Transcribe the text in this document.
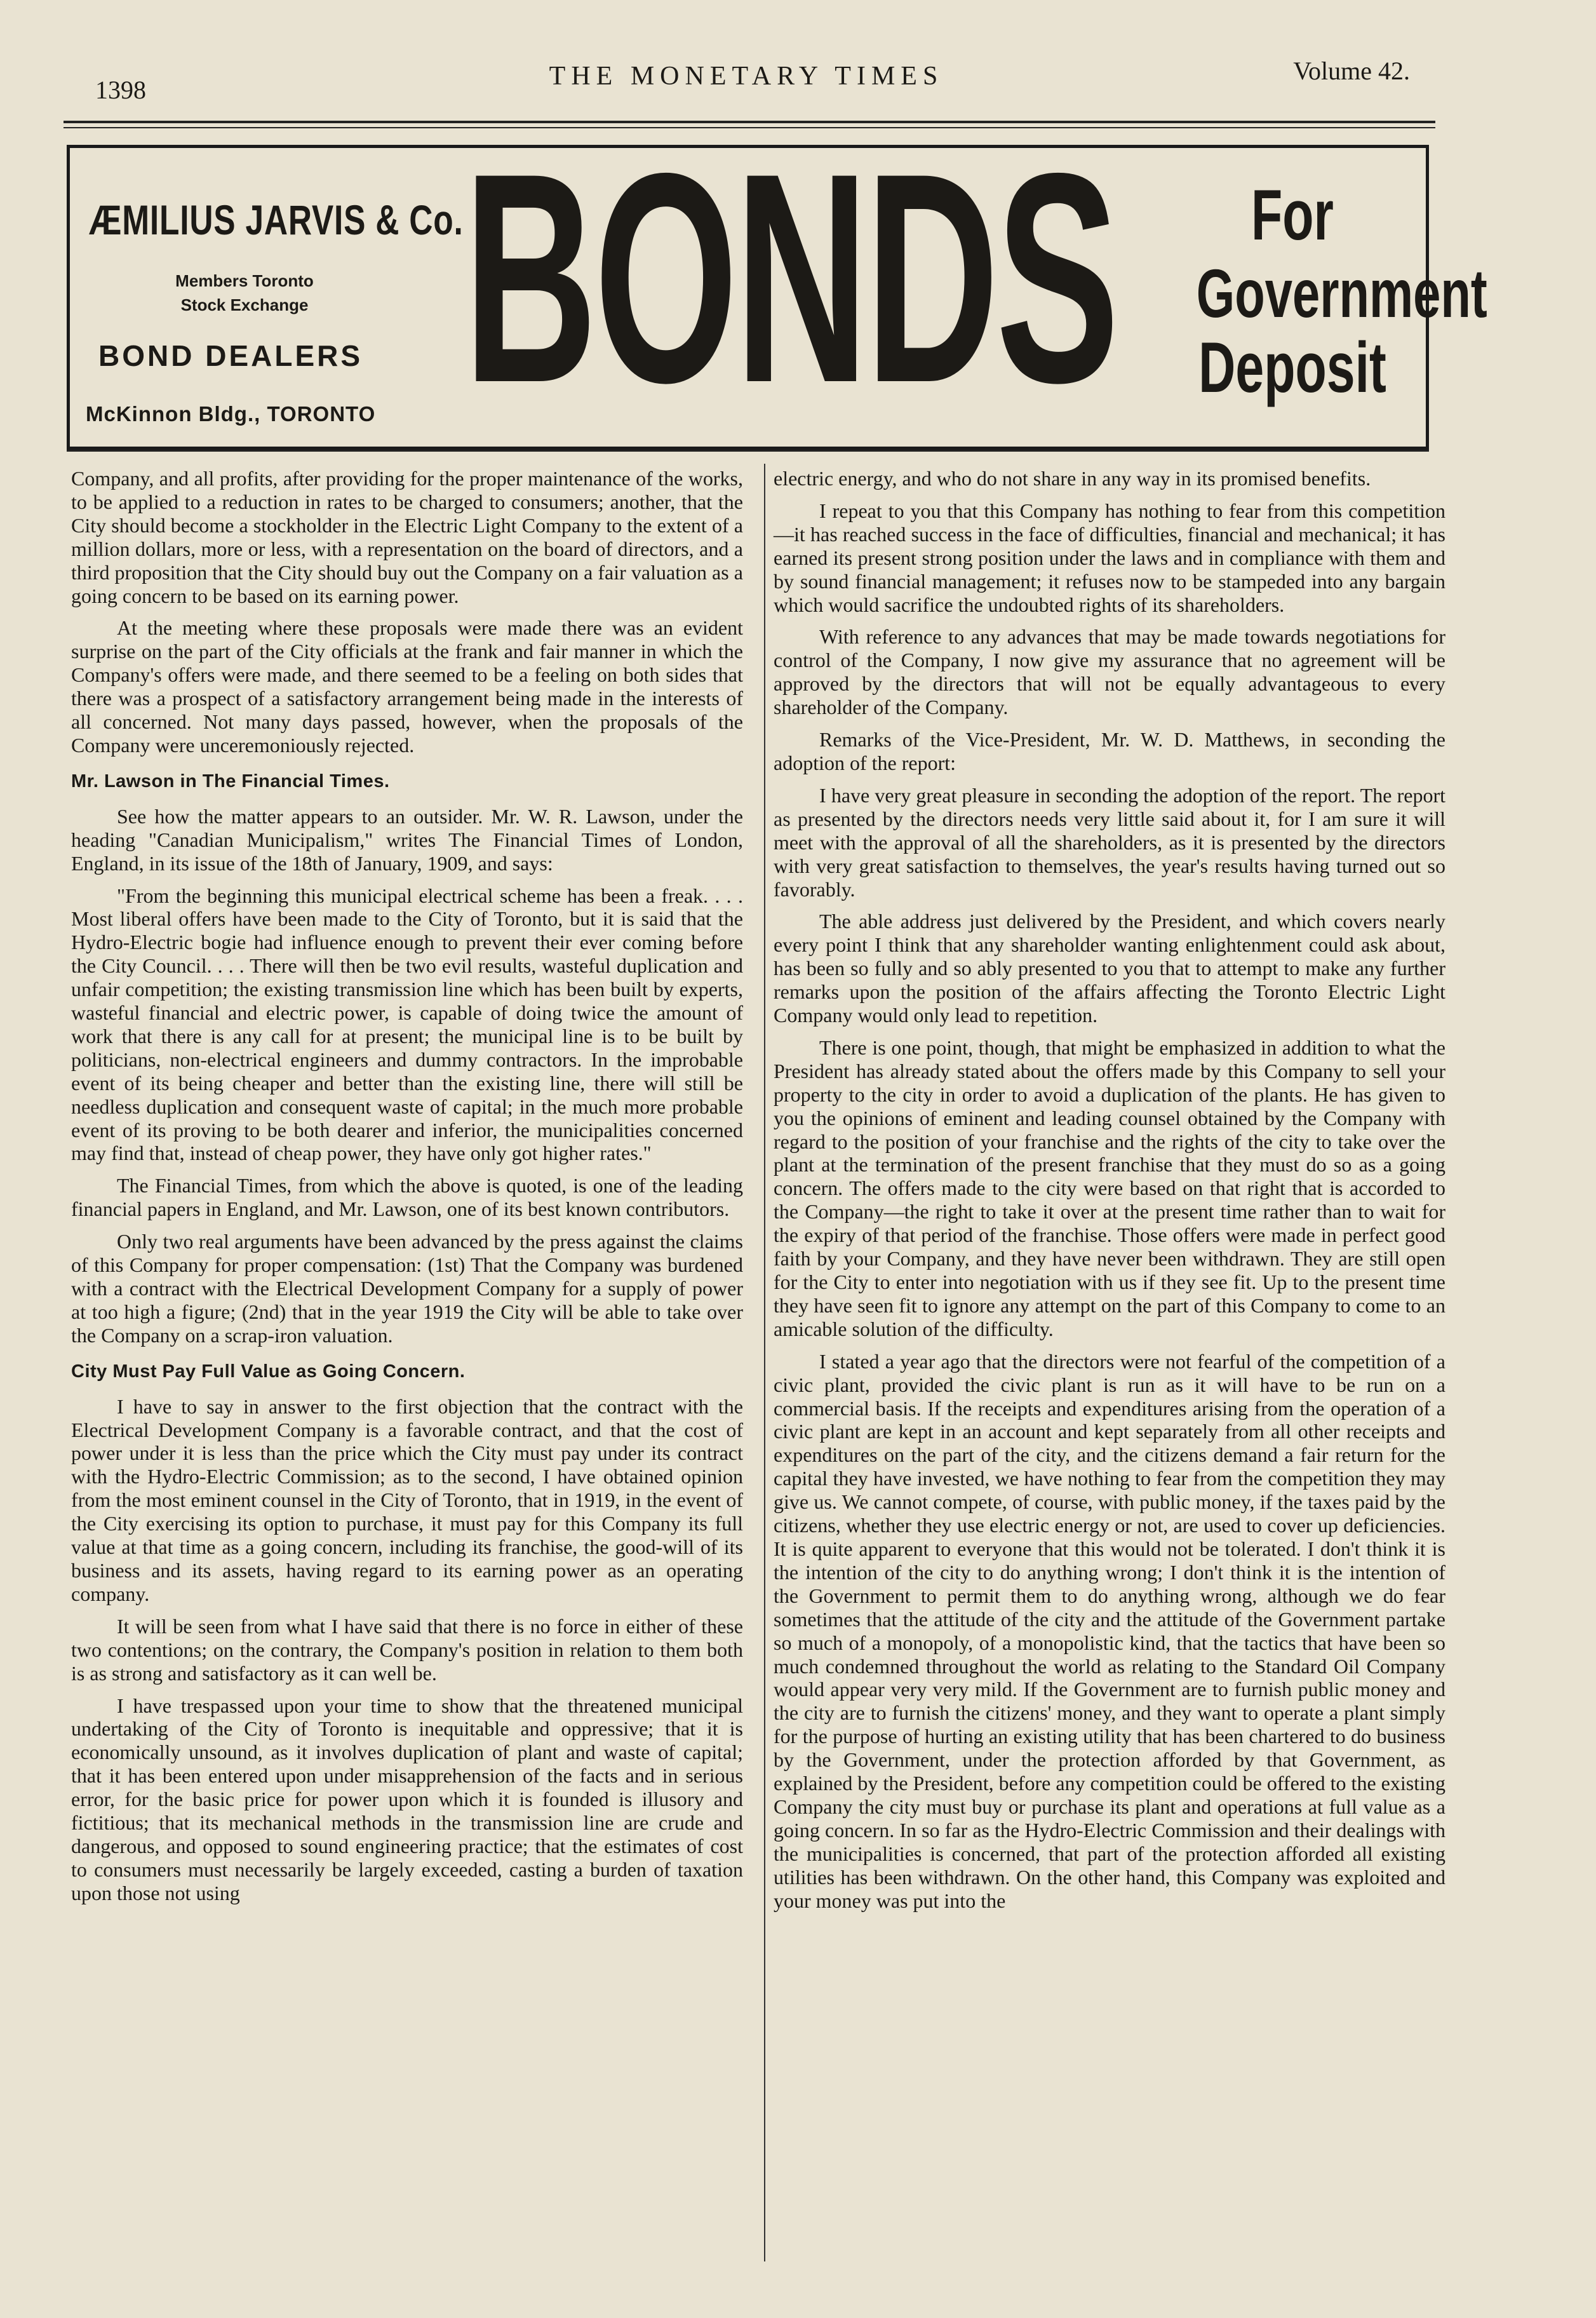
1398	THE MONETARY TIMES	Volume 42.
ÆMILIUS JARVIS & Co.
Members Toronto
Stock Exchange
BOND DEALERS
McKinnon Bldg., TORONTO BONDS	For
Government
Deposit

Company, and all profits, after providing for the proper maintenance of the works, to be applied to a reduction in rates to be charged to consumers; another, that the City should become a stockholder in the Electric Light Company to the extent of a million dollars, more or less, with a representation on the board of directors, and a third proposition that the City should buy out the Company on a fair valuation as a going concern to be based on its earning power.

At the meeting where these proposals were made there was an evident surprise on the part of the City officials at the frank and fair manner in which the Company's offers were made, and there seemed to be a feeling on both sides that there was a prospect of a satisfactory arrangement being made in the interests of all concerned. Not many days passed, however, when the proposals of the Company were unceremoniously rejected.

Mr. Lawson in The Financial Times.

See how the matter appears to an outsider. Mr. W. R. Lawson, under the heading "Canadian Municipalism," writes The Financial Times of London, England, in its issue of the 18th of January, 1909, and says:

"From the beginning this municipal electrical scheme has been a freak. . . . Most liberal offers have been made to the City of Toronto, but it is said that the Hydro-Electric bogie had influence enough to prevent their ever coming before the City Council. . . . There will then be two evil results, wasteful duplication and unfair competition; the existing transmission line which has been built by experts, wasteful financial and electric power, is capable of doing twice the amount of work that there is any call for at present; the municipal line is to be built by politicians, non-electrical engineers and dummy contractors. In the improbable event of its being cheaper and better than the existing line, there will still be needless duplication and consequent waste of capital; in the much more probable event of its proving to be both dearer and inferior, the municipalities concerned may find that, instead of cheap power, they have only got higher rates."

The Financial Times, from which the above is quoted, is one of the leading financial papers in England, and Mr. Lawson, one of its best known contributors.

Only two real arguments have been advanced by the press against the claims of this Company for proper compensation: (1st) That the Company was burdened with a contract with the Electrical Development Company for a supply of power at too high a figure; (2nd) that in the year 1919 the City will be able to take over the Company on a scrap-iron valuation.

City Must Pay Full Value as Going Concern.

I have to say in answer to the first objection that the contract with the Electrical Development Company is a favorable contract, and that the cost of power under it is less than the price which the City must pay under its contract with the Hydro-Electric Commission; as to the second, I have obtained opinion from the most eminent counsel in the City of Toronto, that in 1919, in the event of the City exercising its option to purchase, it must pay for this Company its full value at that time as a going concern, including its franchise, the good-will of its business and its assets, having regard to its earning power as an operating company.

It will be seen from what I have said that there is no force in either of these two contentions; on the contrary, the Company's position in relation to them both is as strong and satisfactory as it can well be.

I have trespassed upon your time to show that the threatened municipal undertaking of the City of Toronto is inequitable and oppressive; that it is economically unsound, as it involves duplication of plant and waste of capital; that it has been entered upon under misapprehension of the facts and in serious error, for the basic price for power upon which it is founded is illusory and fictitious; that its mechanical methods in the transmission line are crude and dangerous, and opposed to sound engineering practice; that the estimates of cost to consumers must necessarily be largely exceeded, casting a burden of taxation upon those not using

electric energy, and who do not share in any way in its promised benefits.

I repeat to you that this Company has nothing to fear from this competition—it has reached success in the face of difficulties, financial and mechanical; it has earned its present strong position under the laws and in compliance with them and by sound financial management; it refuses now to be stampeded into any bargain which would sacrifice the undoubted rights of its shareholders.

With reference to any advances that may be made towards negotiations for control of the Company, I now give my assurance that no agreement will be approved by the directors that will not be equally advantageous to every shareholder of the Company.

Remarks of the Vice-President, Mr. W. D. Matthews, in seconding the adoption of the report:

I have very great pleasure in seconding the adoption of the report. The report as presented by the directors needs very little said about it, for I am sure it will meet with the approval of all the shareholders, as it is presented by the directors with very great satisfaction to themselves, the year's results having turned out so favorably.

The able address just delivered by the President, and which covers nearly every point I think that any shareholder wanting enlightenment could ask about, has been so fully and so ably presented to you that to attempt to make any further remarks upon the position of the affairs affecting the Toronto Electric Light Company would only lead to repetition.

There is one point, though, that might be emphasized in addition to what the President has already stated about the offers made by this Company to sell your property to the city in order to avoid a duplication of the plants. He has given to you the opinions of eminent and leading counsel obtained by the Company with regard to the position of your franchise and the rights of the city to take over the plant at the termination of the present franchise that they must do so as a going concern. The offers made to the city were based on that right that is accorded to the Company—the right to take it over at the present time rather than to wait for the expiry of that period of the franchise. Those offers were made in perfect good faith by your Company, and they have never been withdrawn. They are still open for the City to enter into negotiation with us if they see fit. Up to the present time they have seen fit to ignore any attempt on the part of this Company to come to an amicable solution of the difficulty.

I stated a year ago that the directors were not fearful of the competition of a civic plant, provided the civic plant is run as it will have to be run on a commercial basis. If the receipts and expenditures arising from the operation of a civic plant are kept in an account and kept separately from all other receipts and expenditures on the part of the city, and the citizens demand a fair return for the capital they have invested, we have nothing to fear from the competition they may give us. We cannot compete, of course, with public money, if the taxes paid by the citizens, whether they use electric energy or not, are used to cover up deficiencies. It is quite apparent to everyone that this would not be tolerated. I don't think it is the intention of the city to do anything wrong; I don't think it is the intention of the Government to permit them to do anything wrong, although we do fear sometimes that the attitude of the city and the attitude of the Government partake so much of a monopoly, of a monopolistic kind, that the tactics that have been so much condemned throughout the world as relating to the Standard Oil Company would appear very very mild. If the Government are to furnish public money and the city are to furnish the citizens' money, and they want to operate a plant simply for the purpose of hurting an existing utility that has been chartered to do business by the Government, under the protection afforded by that Government, as explained by the President, before any competition could be offered to the existing Company the city must buy or purchase its plant and operations at full value as a going concern. In so far as the Hydro-Electric Commission and their dealings with the municipalities is concerned, that part of the protection afforded all existing utilities has been withdrawn. On the other hand, this Company was exploited and your money was put into the
